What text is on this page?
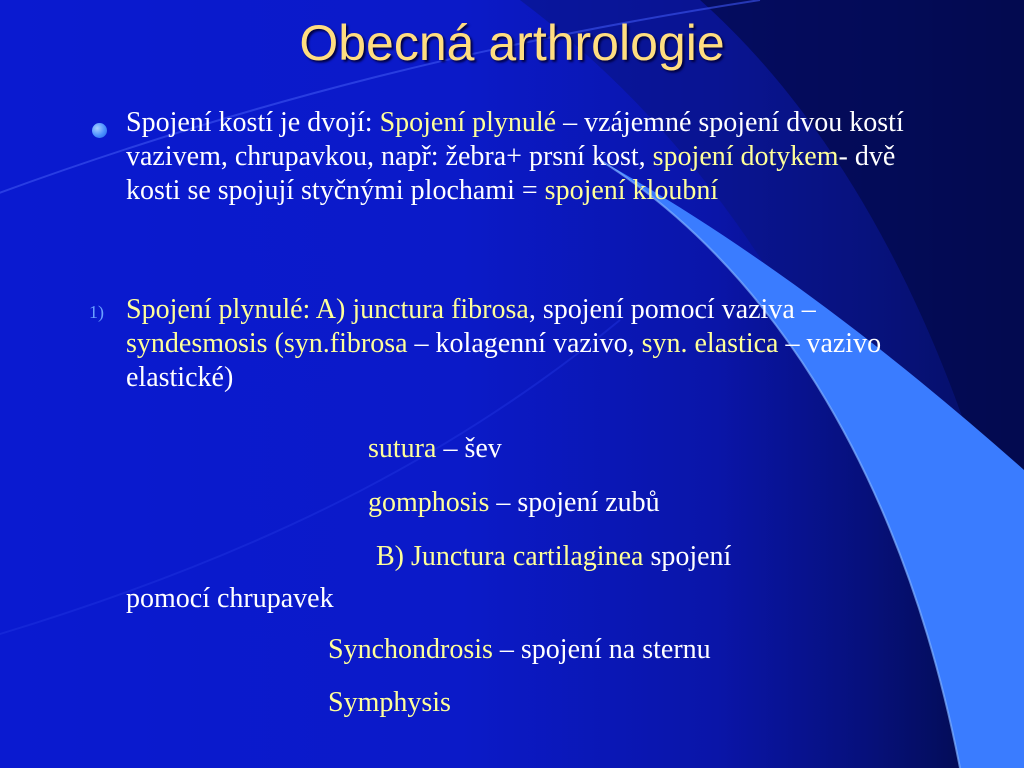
Obecná arthrologie
Spojení kostí je dvojí: Spojení plynulé – vzájemné spojení dvou kostí vazivem, chrupavkou, např: žebra+ prsní kost, spojení dotykem- dvě kosti se spojují styčnými plochami = spojení kloubní
1) Spojení plynulé: A) junctura fibrosa, spojení pomocí vaziva –syndesmosis (syn.fibrosa – kolagenní vazivo, syn. elastica – vazivo elastické)
sutura – šev
gomphosis – spojení zubů
B) Junctura cartilaginea spojení
pomocí chrupavek
Synchondrosis – spojení na sternu
Symphysis
